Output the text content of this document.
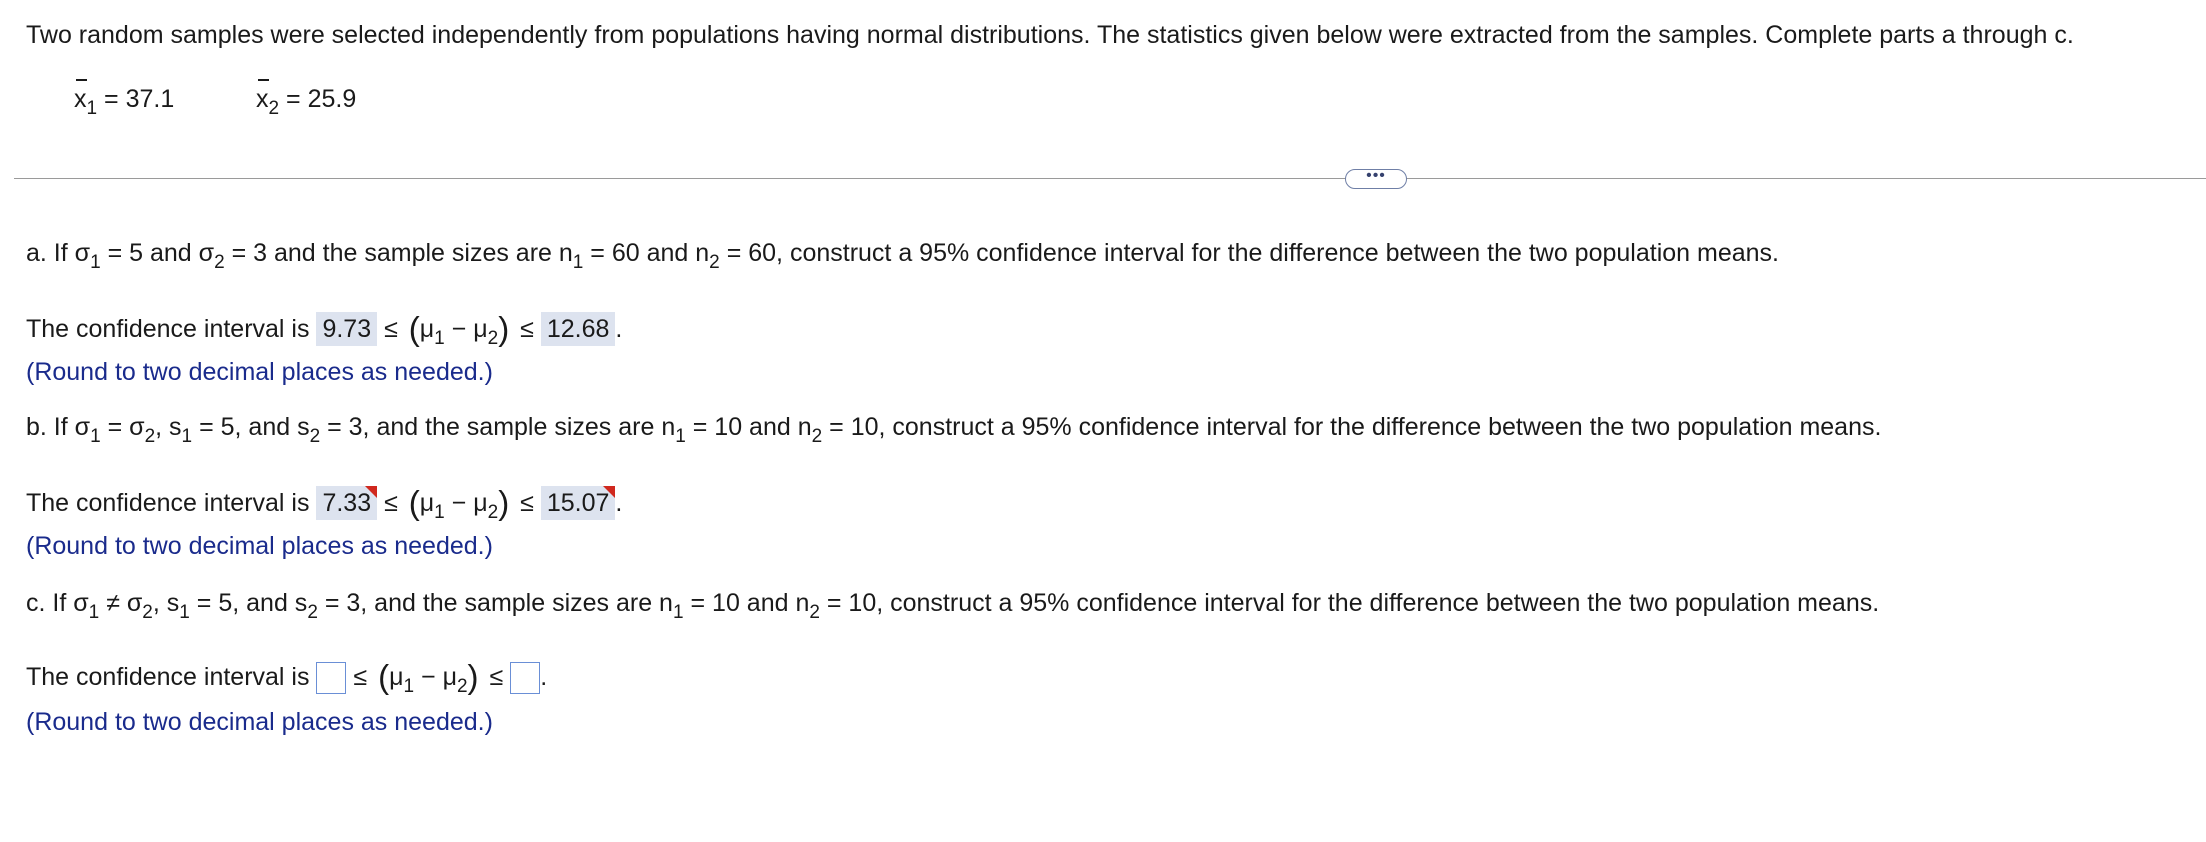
Two random samples were selected independently from populations having normal distributions. The statistics given below were extracted from the samples. Complete parts a through c.
$x_1 = 37.1$	$x_2 = 25.9$
•••
a. If $\sigma_1 = 5$ and $\sigma_2 = 3$ and the sample sizes are $n_1 = 60$ and $n_2 = 60$, construct a 95% confidence interval for the difference between the two population means.
The confidence interval is $9.73 \le (\mu_1 - \mu_2) \le 12.68$ .
(Round to two decimal places as needed.)
b. If $\sigma_1 = \sigma_2$, $s_1 = 5$, and $s_2 = 3$, and the sample sizes are $n_1 = 10$ and $n_2 = 10$, construct a 95% confidence interval for the difference between the two population means.
The confidence interval is $7.33 \le (\mu_1 - \mu_2) \le 15.07$ .
(Round to two decimal places as needed.)
c. If $\sigma_1 \ne \sigma_2$, $s_1 = 5$, and $s_2 = 3$, and the sample sizes are $n_1 = 10$ and $n_2 = 10$, construct a 95% confidence interval for the difference between the two population means.
The confidence interval is ≤ $(\mu_1 - \mu_2)$ ≤ .
(Round to two decimal places as needed.)
